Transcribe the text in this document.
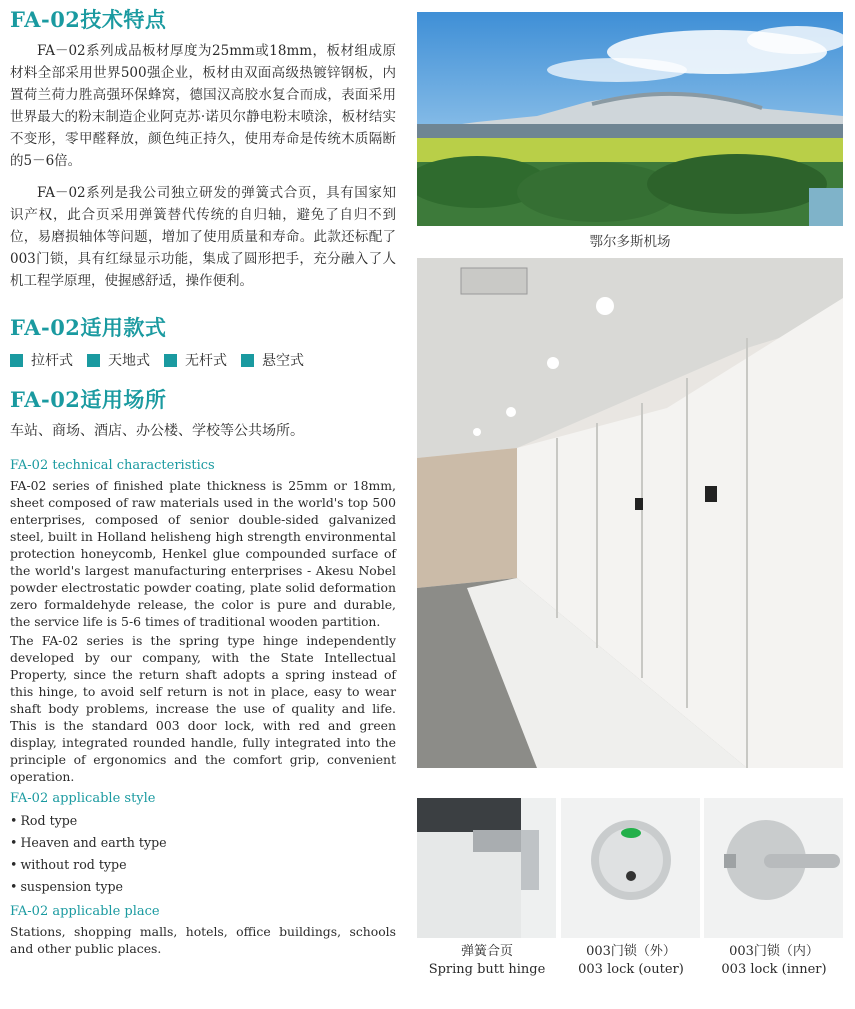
FA-02技术特点

FA－02系列成品板材厚度为25mm或18mm，板材组成原材料全部采用世界500强企业，板材由双面高级热镀锌钢板，内置荷兰荷力胜高强环保蜂窝，德国汉高胶水复合而成，表面采用世界最大的粉末制造企业阿克苏·诺贝尔静电粉末喷涂，板材结实不变形，零甲醛释放，颜色纯正持久，使用寿命是传统木质隔断的5－6倍。

FA－02系列是我公司独立研发的弹簧式合页，具有国家知识产权，此合页采用弹簧替代传统的自归轴，避免了自归不到位，易磨损轴体等问题，增加了使用质量和寿命。此款还标配了003门锁，具有红绿显示功能，集成了圆形把手，充分融入了人机工程学原理，使握感舒适，操作便利。

FA-02适用款式
拉杆式	天地式	无杆式	悬空式
FA-02适用场所
车站、商场、酒店、办公楼、学校等公共场所。
FA-02 technical characteristics

FA-02 series of finished plate thickness is 25mm or 18mm, sheet composed of raw materials used in the world's top 500 enterprises, composed of senior double-sided galvanized steel, built in Holland helisheng high strength environmental protection honeycomb, Henkel glue compounded surface of the world's largest manufacturing enterprises - Akesu Nobel powder electrostatic powder coating, plate solid deformation zero formaldehyde release, the color is pure and durable, the service life is 5-6 times of traditional wooden partition.

The FA-02 series is the spring type hinge independently developed by our company, with the State Intellectual Property, since the return shaft adopts a spring instead of this hinge, to avoid self return is not in place, easy to wear shaft body problems, increase the use of quality and life. This is the standard 003 door lock, with red and green display, integrated rounded handle, fully integrated into the principle of ergonomics and the comfort grip, convenient operation.

FA-02 applicable style
• Rod type
• Heaven and earth type
• without rod type
• suspension type
FA-02 applicable place

Stations, shopping malls, hotels, office buildings, schools and other public places.

鄂尔多斯机场
弹簧合页
Spring butt hinge
003门锁（外）
003 lock (outer)
003门锁（内）
003 lock (inner)
